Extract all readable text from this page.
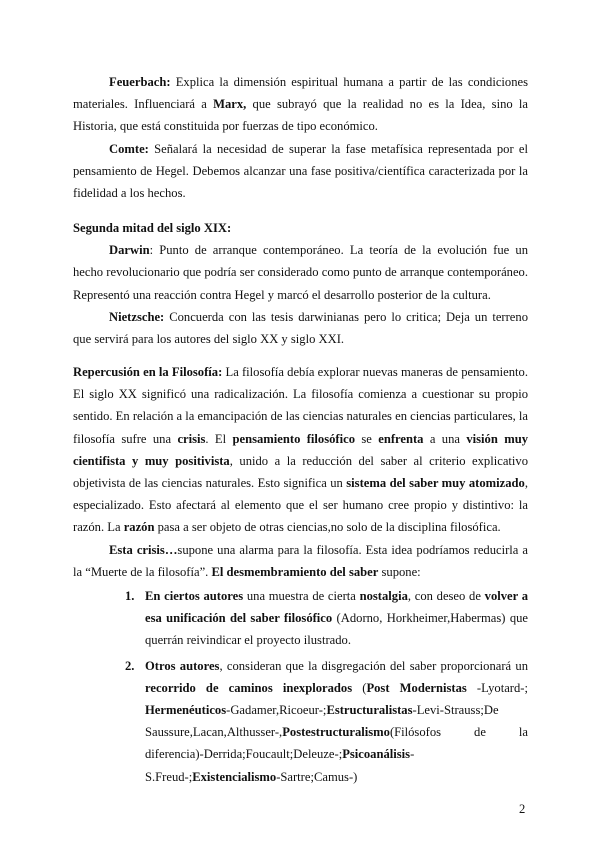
Feuerbach: Explica la dimensión espiritual humana a partir de las condiciones materiales. Influenciará a Marx, que subrayó que la realidad no es la Idea, sino la Historia, que está constituida por fuerzas de tipo económico.

Comte: Señalará la necesidad de superar la fase metafísica representada por el pensamiento de Hegel. Debemos alcanzar una fase positiva/científica caracterizada por la fidelidad a los hechos.

Segunda mitad del siglo XIX:

Darwin: Punto de arranque contemporáneo. La teoría de la evolución fue un hecho revolucionario que podría ser considerado como punto de arranque contemporáneo. Representó una reacción contra Hegel y marcó el desarrollo posterior de la cultura.

Nietzsche: Concuerda con las tesis darwinianas pero lo critica; Deja un terreno que servirá para los autores del siglo XX y siglo XXI.

Repercusión en la Filosofía: La filosofía debía explorar nuevas maneras de pensamiento. El siglo XX significó una radicalización. La filosofía comienza a cuestionar su propio sentido. En relación a la emancipación de las ciencias naturales en ciencias particulares, la filosofía sufre una crisis. El pensamiento filosófico se enfrenta a una visión muy cientifista y muy positivista, unido a la reducción del saber al criterio explicativo objetivista de las ciencias naturales. Esto significa un sistema del saber muy atomizado, especializado. Esto afectará al elemento que el ser humano cree propio y distintivo: la razón. La razón pasa a ser objeto de otras ciencias,no solo de la disciplina filosófica.

Esta crisis…supone una alarma para la filosofía. Esta idea podríamos reducirla a la “Muerte de la filosofía”. El desmembramiento del saber supone:

1. En ciertos autores una muestra de cierta nostalgia, con deseo de volver a esa unificación del saber filosófico (Adorno, Horkheimer,Habermas) que querrán reivindicar el proyecto ilustrado.
2. Otros autores, consideran que la disgregación del saber proporcionará un recorrido de caminos inexplorados (Post Modernistas -Lyotard-; Hermenéuticos-Gadamer,Ricoeur-;Estructuralistas-Levi-Strauss;De Saussure,Lacan,Althusser-,Postestructuralismo(Filósofos de la diferencia)-Derrida;Foucault;Deleuze-;Psicoanálisis-S.Freud-;Existencialismo-Sartre;Camus-)
2
